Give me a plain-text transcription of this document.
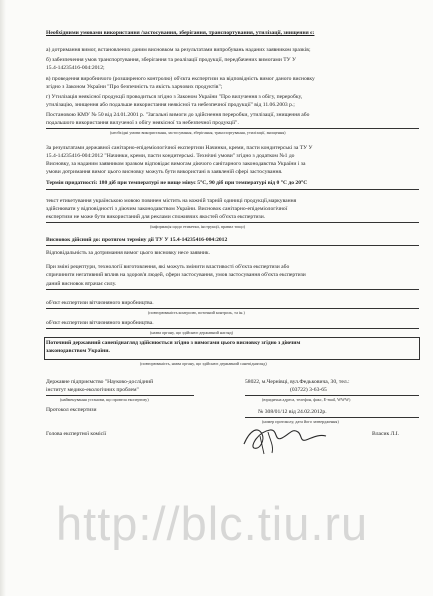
Необхідними умовами використання /застосування, зберігання, транспортування, утилізації, знищення є:
а) дотримання вимог, встановлених даним висновком за результатами випробувань наданих заявником зразків;
б) забезпечення умов транспортування, зберігання та реалізації продукції, передбачених вимогами ТУ У
15.4-14235416-004:2012;
в) проведення виробничого (розширеного контролю) об'єкта експертизи на відповідність вимог даного висновку
згідно з Законом України "Про безпечність та якість харчових продуктів";
г) Утилізація неякісної продукції проводиться згідно з Законом України "Про вилучення з обігу, переробку,
утилізацію, знищення або подальше використання неякісної та небезпечної продукції" від 11.06.2003 р.;
Постановою КМУ № 50 від 24.01.2001 р. "Загальні вимоги до здійснення переробки, утилізації, знищення або
подальшого використання вилученої з обігу неякісної та небезпечної продукції".
(необхідні умови використання, застосування, зберігання, транспортування, утилізації, знищення)
За результатами державної санітарно-епідеміологічної експертизи Начинки, креми, пасти кондитерські за ТУ У
15.4-14235416-004:2012 "Начинки, креми, пасти кондитерські. Технічні умови" згідно з додатком №1 до
Висновку, за наданим заявником зразком відповідає вимогам діючого санітарного законодавства України і за
умови дотримання вимог цього висновку можуть бути використані в заявленій сфері застосування.
Термін придатності: 180 діб при температурі не вище мінус 5°С, 90 діб при температурі від 0 °С до 20°С
текст етикетування українською мовою повинен містить на кожній тарній одиниці продукції,маркування
здійснювати у відповідності з діючим законодавством України. Висновок санітарно-епідеміологічної
експертизи не може бути використаний для реклами споживчих якостей об'єкта експертизи.
(інформація щодо етикетки, інструкції, правил тощо)
Висновок дійсний до: протягом терміну дії ТУ У 15.4-14235416-004:2012
Відповідальність за дотримання вимог цього висновку несе заявник.
При зміні рецептури, технології виготовлення, які можуть змінити властивості об'єкта експертизи або
спричинити негативний вплив на здоров'я людей, сфери застосування, умов застосування об'єкта експертизи
даний висновок втрачає силу.
об'єкт експертизи вітчизняного виробництва.
(повторюваність контролю, поточний контроль, та ін.)
об'єкт експертизи вітчизняного виробництва.
(назва органу, що здійснює державний нагляд)
Поточний державний санепіднагляд здійснюється згідно з вимогами цього висновку згідно з діючим
законодавством України.
(повторюваність, назва органу, що здійснює державний санепіднагляд)
Державне підприємство "Науково-дослідний
інститут медико-екологічних проблем"
(найменування установи, що провела експертизу)
58022, м.Чернівці, вул.Федьковича, 30, тел.:
(03722) 3-63-65
(юридична адреса, телефон, факс, E-mail, WWW)
Протокол експертизи	№ 308/01/12 від 24.02.2012р.
(номер протоколу, дата його затвердження)
Голова експертної комісії	Власик Л.І.
http://blc.tiu.ru
